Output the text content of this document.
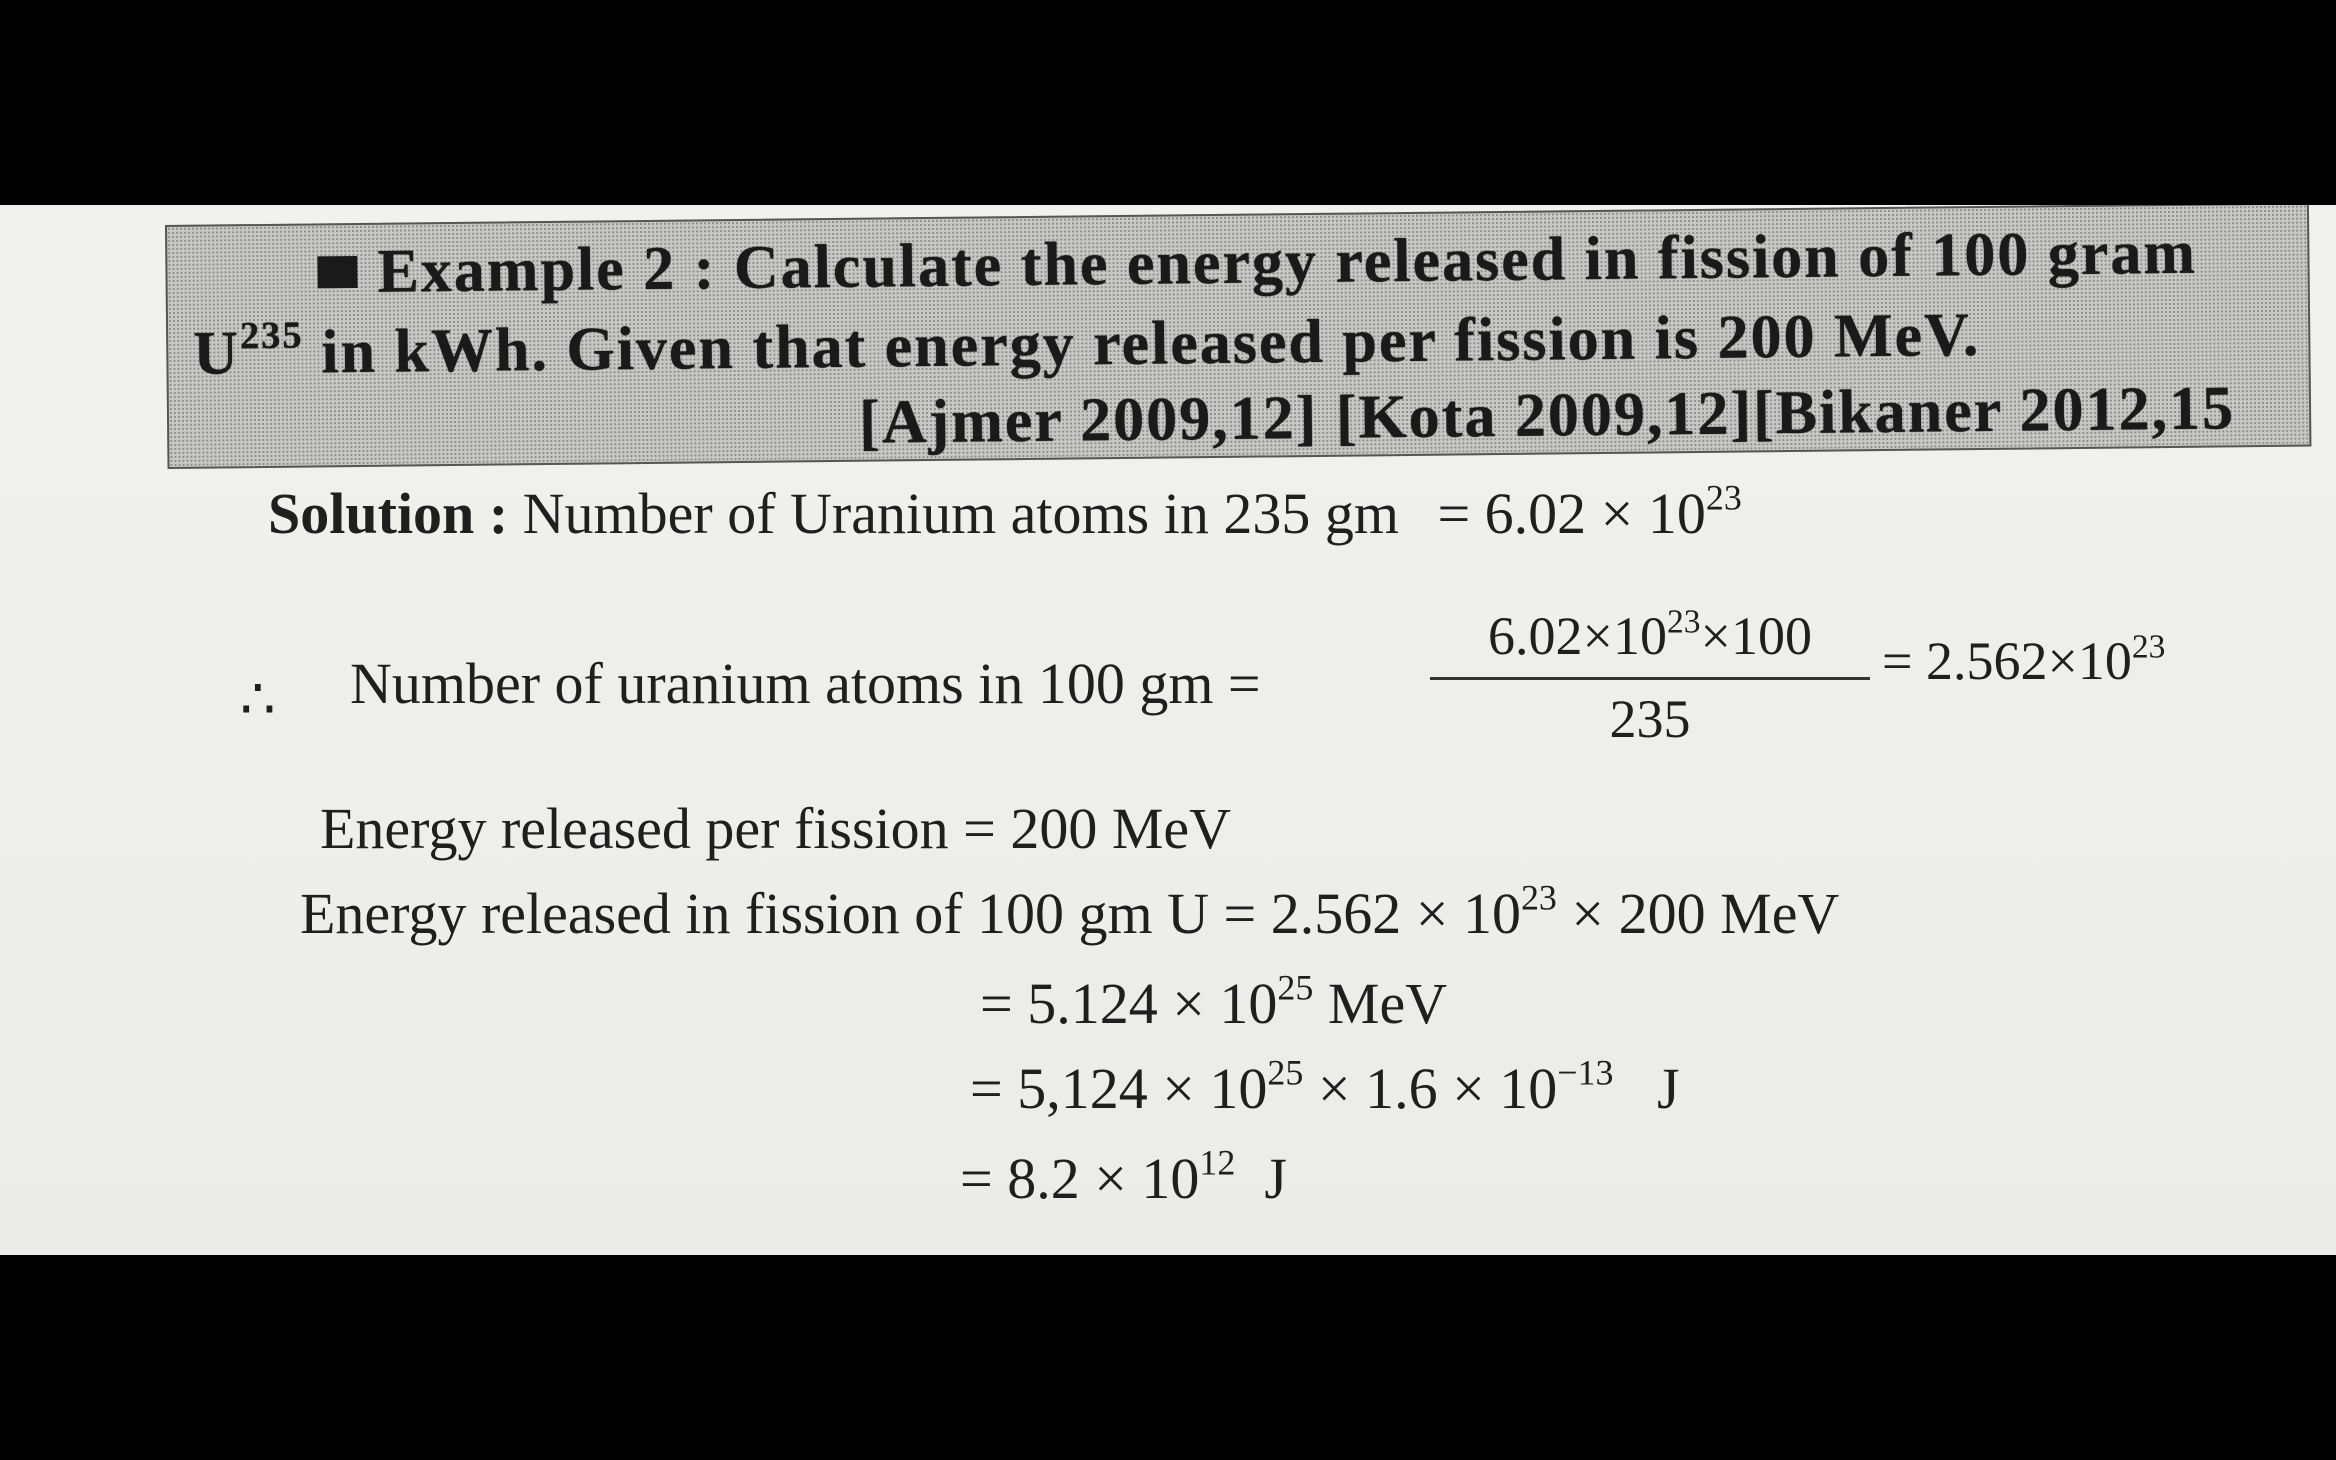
Example 2 : Calculate the energy released in fission of 100 gram
$U^{235}$ in kWh. Given that energy released per fission is 200 MeV.
[Ajmer 2009,12] [Kota 2009,12][Bikaner 2012,15
Solution : Number of Uranium atoms in 235 gm = $6.02 \times 10^{23}$
∴ Number of uranium atoms in 100 gm =	$\frac{6.02\times 10^{23}\times 100}{235} = 2.562\times 10^{23}$
Energy released per fission = 200 MeV
Energy released in fission of 100 gm $U = 2.562 \times 10^{23} \times 200$ MeV
= $5.124 \times 10^{25}$ MeV
= $5,124 \times 10^{25} \times 1.6 \times 10^{-13}$   J
= $8.2 \times 10^{12}$  J
